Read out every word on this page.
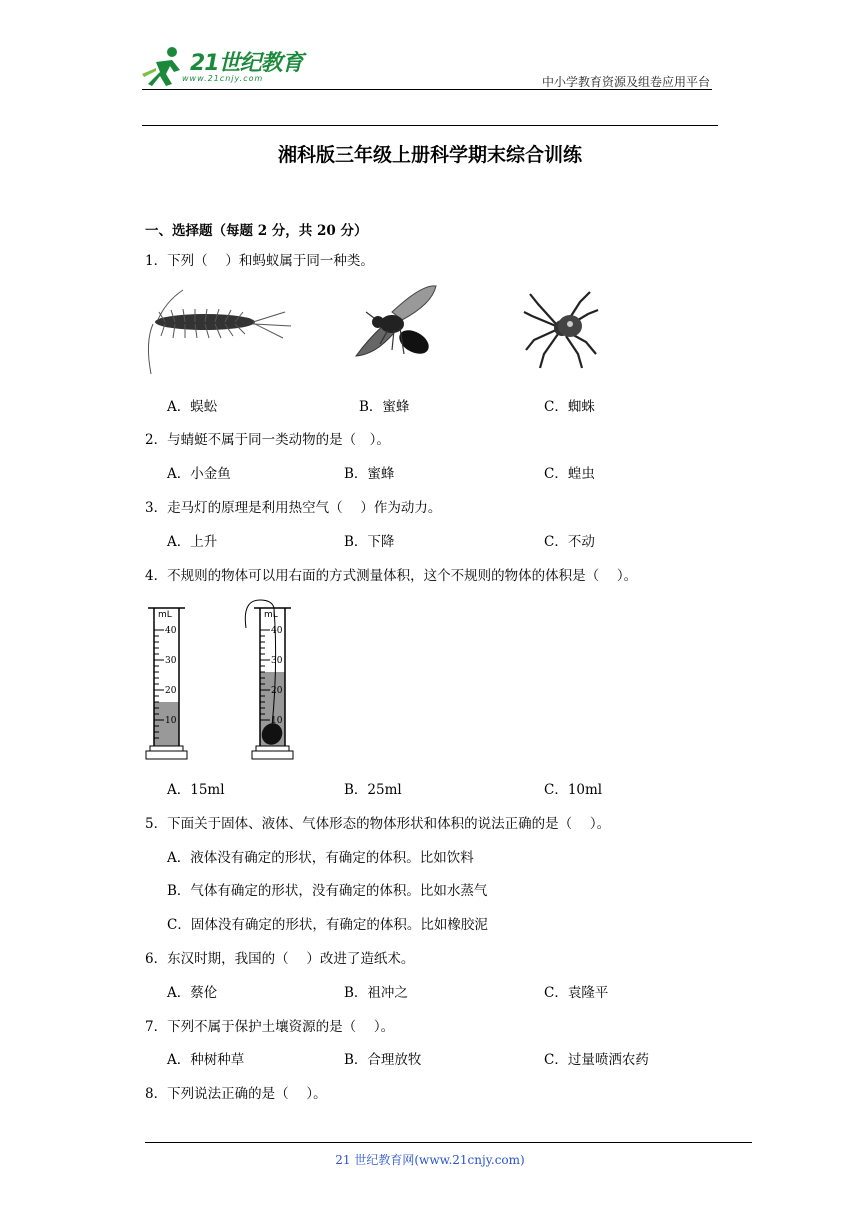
21世纪教育
www.21cnjy.com	中小学教育资源及组卷应用平台
湘科版三年级上册科学期末综合训练
一、选择题（每题 2 分，共 20 分）
1．下列（　 ）和蚂蚁属于同一种类。
A．蜈蚣	B．蜜蜂	C．蜘蛛
2．与蜻蜓不属于同一类动物的是（　）。
A．小金鱼	B．蜜蜂	C．蝗虫
3．走马灯的原理是利用热空气（　 ）作为动力。
A．上升	B．下降	C．不动
4．不规则的物体可以用右面的方式测量体积，这个不规则的物体的体积是（　 ）。
mL
40
30
20
10
mL
40
30
20
10
A．15ml	B．25ml	C．10ml
5．下面关于固体、液体、气体形态的物体形状和体积的说法正确的是（　 ）。
A．液体没有确定的形状，有确定的体积。比如饮料
B．气体有确定的形状，没有确定的体积。比如水蒸气
C．固体没有确定的形状，有确定的体积。比如橡胶泥
6．东汉时期，我国的（　 ）改进了造纸术。
A．蔡伦	B．祖冲之	C．袁隆平
7．下列不属于保护土壤资源的是（　 ）。
A．种树种草	B．合理放牧	C．过量喷洒农药
8．下列说法正确的是（　 ）。
21 世纪教育网(www.21cnjy.com)
